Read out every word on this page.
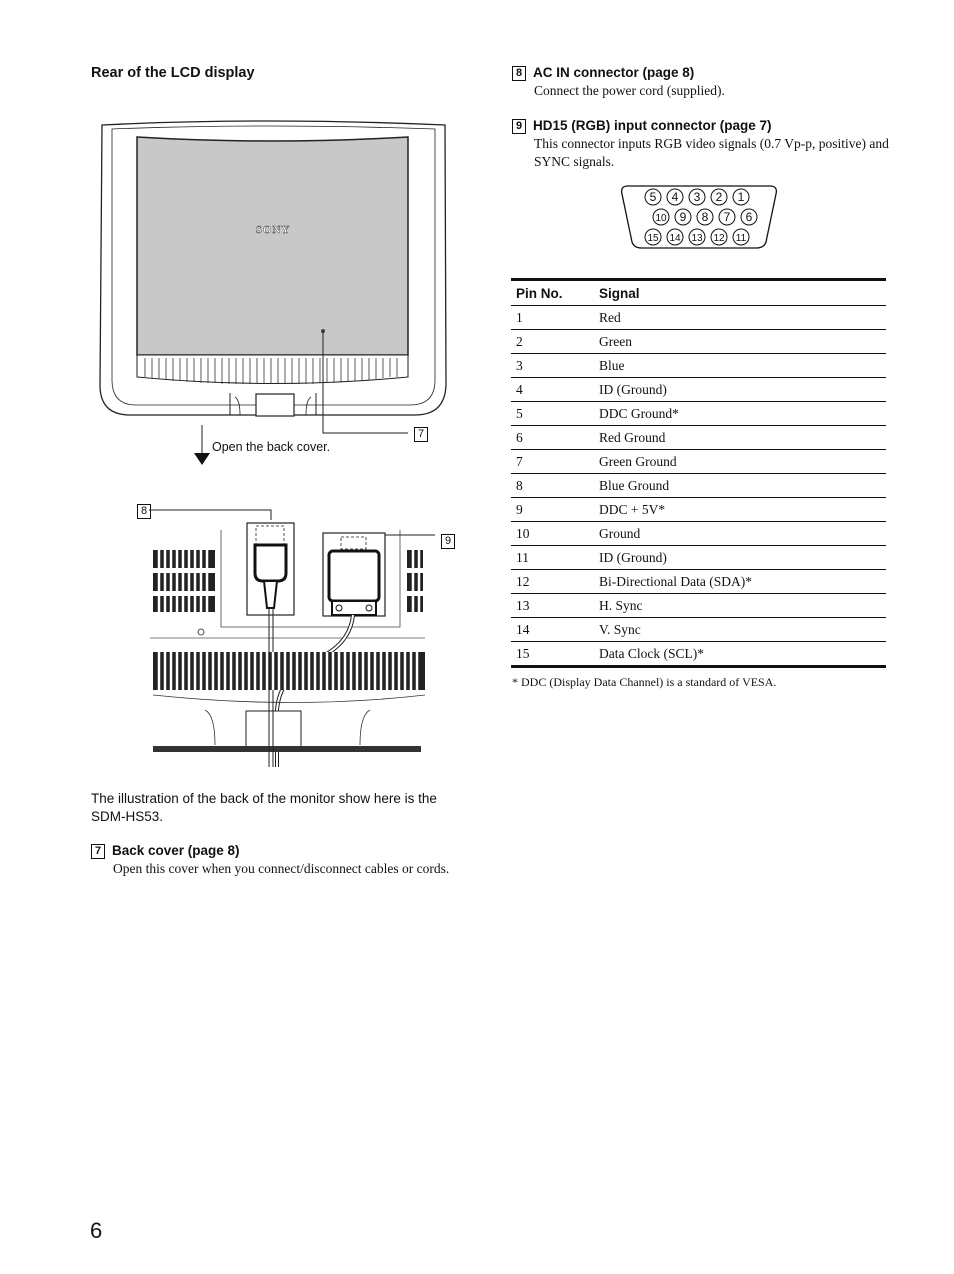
Rear of the LCD display
SONY
7
Open the back cover.
8
9
The illustration of the back of the monitor show here is the SDM-HS53.
7 Back cover (page 8)
Open this cover when you connect/disconnect cables or cords.
8 AC IN connector (page 8)
Connect the power cord (supplied).
9 HD15 (RGB) input connector (page 7)
This connector inputs RGB video signals (0.7 Vp-p, positive) and SYNC signals.
5 4 3 2 1
10 9 8 7 6
15 14 13 12 11
Pin No.	Signal
1	Red
2	Green
3	Blue
4	ID (Ground)
5	DDC Ground*
6	Red Ground
7	Green Ground
8	Blue Ground
9	DDC + 5V*
10	Ground
11	ID (Ground)
12	Bi-Directional Data (SDA)*
13	H. Sync
14	V. Sync
15	Data Clock (SCL)*
* DDC (Display Data Channel) is a standard of VESA.
6
